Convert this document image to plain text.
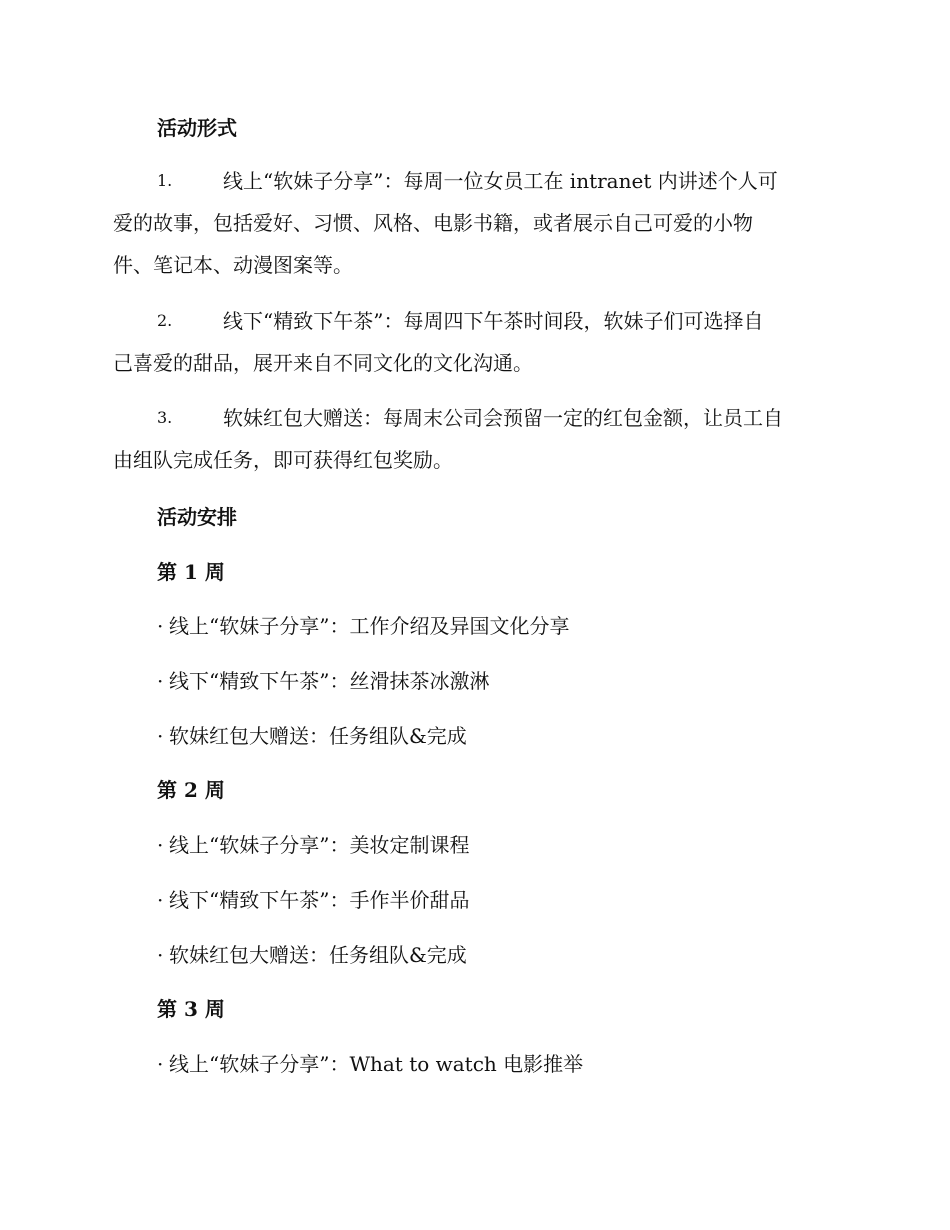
活动形式
1.	线上“软妹子分享”：每周一位女员工在 intranet 内讲述个人可
爱的故事，包括爱好、习惯、风格、电影书籍，或者展示自己可爱的小物
件、笔记本、动漫图案等。
2.	线下“精致下午茶”：每周四下午茶时间段，软妹子们可选择自
己喜爱的甜品，展开来自不同文化的文化沟通。
3.	软妹红包大赠送：每周末公司会预留一定的红包金额，让员工自
由组队完成任务，即可获得红包奖励。
活动安排
第 1 周
· 线上“软妹子分享”：工作介绍及异国文化分享
· 线下“精致下午茶”：丝滑抹茶冰激淋
· 软妹红包大赠送：任务组队&完成
第 2 周
· 线上“软妹子分享”：美妆定制课程
· 线下“精致下午茶”：手作半价甜品
· 软妹红包大赠送：任务组队&完成
第 3 周
· 线上“软妹子分享”：What to watch 电影推举
